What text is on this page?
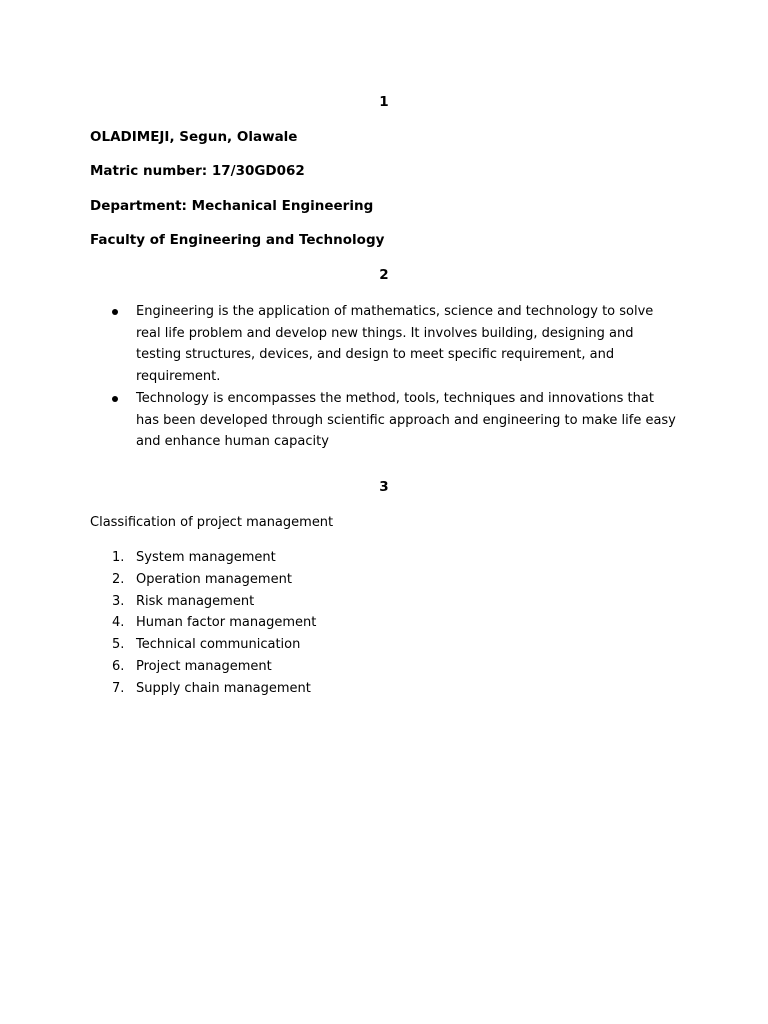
1
OLADIMEJI, Segun, Olawale
Matric number: 17/30GD062
Department: Mechanical Engineering
Faculty of Engineering and Technology
2
Engineering is the application of mathematics, science and technology to solve real life problem and develop new things. It involves building, designing and testing structures, devices, and design to meet specific requirement, and requirement.
Technology is encompasses the method, tools, techniques and innovations that has been developed through scientific approach and engineering to make life easy and enhance human capacity
3
Classification of project management
1. System management
2. Operation management
3. Risk management
4. Human factor management
5. Technical communication
6. Project management
7. Supply chain management
